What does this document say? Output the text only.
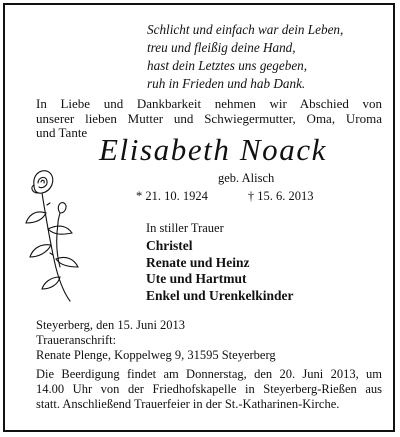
Schlicht und einfach war dein Leben,
treu und fleißig deine Hand,
hast dein Letztes uns gegeben,
ruh in Frieden und hab Dank.
In Liebe und Dankbarkeit nehmen wir Abschied von
unserer lieben Mutter und Schwiegermutter, Oma, Uroma
und Tante Elisabeth Noack
geb. Alisch
* 21. 10. 1924	† 15. 6. 2013
In stiller Trauer
Christel
Renate und Heinz
Ute und Hartmut
Enkel und Urenkelkinder
Steyerberg, den 15. Juni 2013
Traueranschrift:
Renate Plenge, Koppelweg 9, 31595 Steyerberg
Die Beerdigung findet am Donnerstag, den 20. Juni 2013, um
14.00 Uhr von der Friedhofskapelle in Steyerberg-Rießen aus
statt. Anschließend Trauerfeier in der St.-Katharinen-Kirche.
